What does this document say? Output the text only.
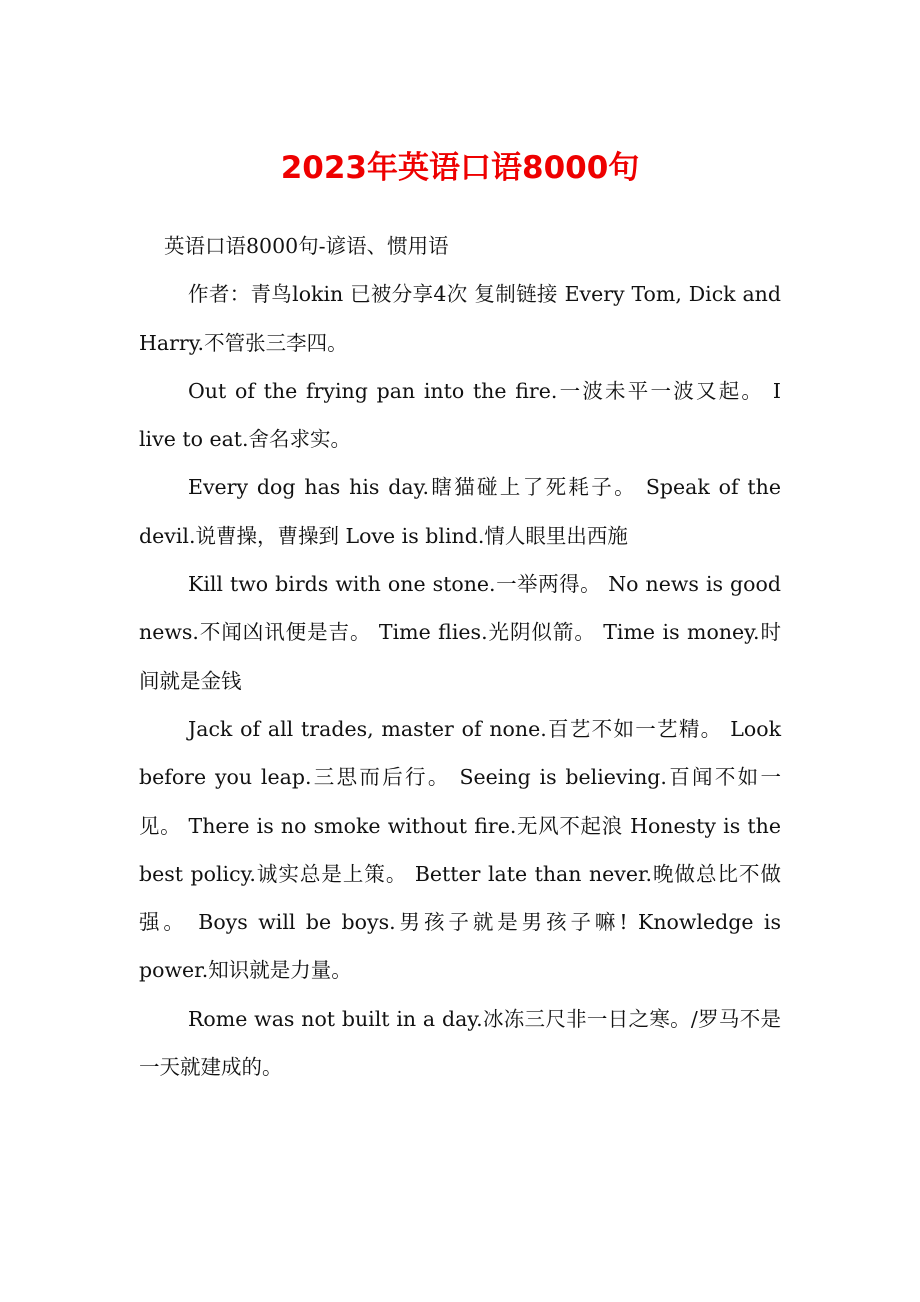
2023年英语口语8000句

英语口语8000句-谚语、惯用语

作者：青鸟lokin 已被分享4次 复制链接 Every Tom, Dick and Harry.不管张三李四。

Out of the frying pan into the fire.一波未平一波又起。 I live to eat.舍名求实。

Every dog has his day.瞎猫碰上了死耗子。 Speak of the devil.说曹操，曹操到 Love is blind.情人眼里出西施

Kill two birds with one stone.一举两得。 No news is good news.不闻凶讯便是吉。 Time flies.光阴似箭。 Time is money.时间就是金钱

Jack of all trades, master of none.百艺不如一艺精。 Look before you leap.三思而后行。 Seeing is believing.百闻不如一见。 There is no smoke without fire.无风不起浪 Honesty is the best policy.诚实总是上策。 Better late than never.晚做总比不做强。 Boys will be boys.男孩子就是男孩子嘛! Knowledge is power.知识就是力量。

Rome was not built in a day.冰冻三尺非一日之寒。/罗马不是一天就建成的。
